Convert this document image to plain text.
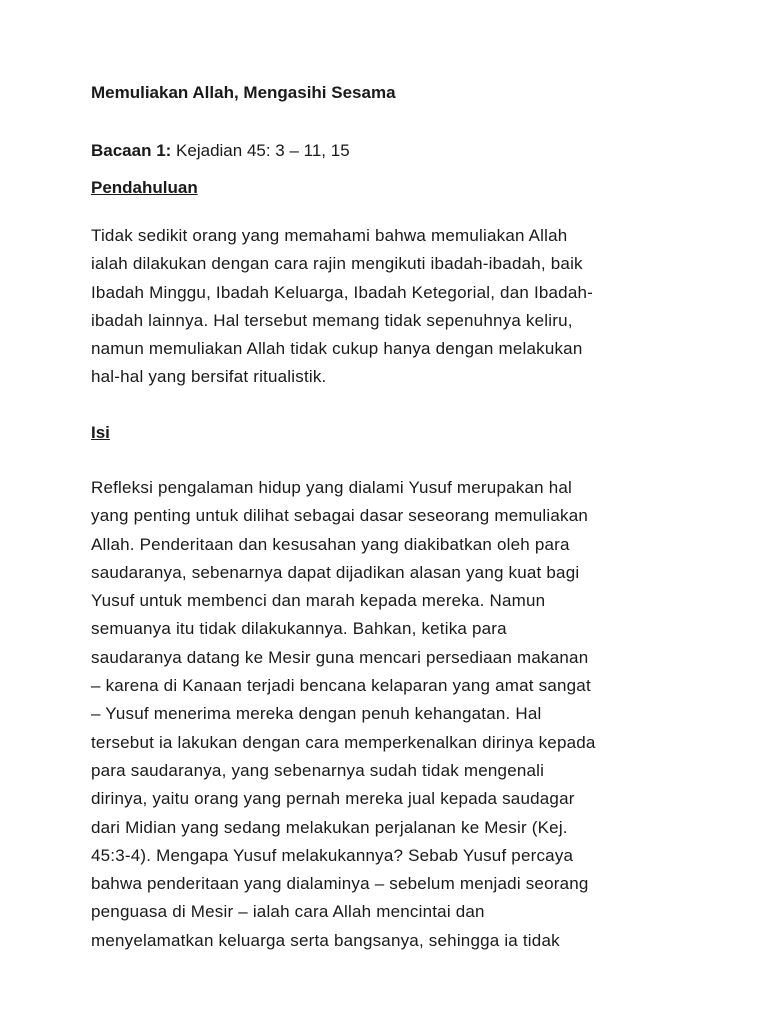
Memuliakan Allah, Mengasihi Sesama
Bacaan 1: Kejadian 45: 3 – 11, 15
Pendahuluan
Tidak sedikit orang yang memahami bahwa memuliakan Allah
ialah dilakukan dengan cara rajin mengikuti ibadah-ibadah, baik
Ibadah Minggu, Ibadah Keluarga, Ibadah Ketegorial, dan Ibadah-
ibadah lainnya. Hal tersebut memang tidak sepenuhnya keliru,
namun memuliakan Allah tidak cukup hanya dengan melakukan
hal-hal yang bersifat ritualistik.
Isi
Refleksi pengalaman hidup yang dialami Yusuf merupakan hal
yang penting untuk dilihat sebagai dasar seseorang memuliakan
Allah. Penderitaan dan kesusahan yang diakibatkan oleh para
saudaranya, sebenarnya dapat dijadikan alasan yang kuat bagi
Yusuf untuk membenci dan marah kepada mereka. Namun
semuanya itu tidak dilakukannya. Bahkan, ketika para
saudaranya datang ke Mesir guna mencari persediaan makanan
– karena di Kanaan terjadi bencana kelaparan yang amat sangat
– Yusuf menerima mereka dengan penuh kehangatan. Hal
tersebut ia lakukan dengan cara memperkenalkan dirinya kepada
para saudaranya, yang sebenarnya sudah tidak mengenali
dirinya, yaitu orang yang pernah mereka jual kepada saudagar
dari Midian yang sedang melakukan perjalanan ke Mesir (Kej.
45:3-4). Mengapa Yusuf melakukannya? Sebab Yusuf percaya
bahwa penderitaan yang dialaminya – sebelum menjadi seorang
penguasa di Mesir – ialah cara Allah mencintai dan
menyelamatkan keluarga serta bangsanya, sehingga ia tidak
